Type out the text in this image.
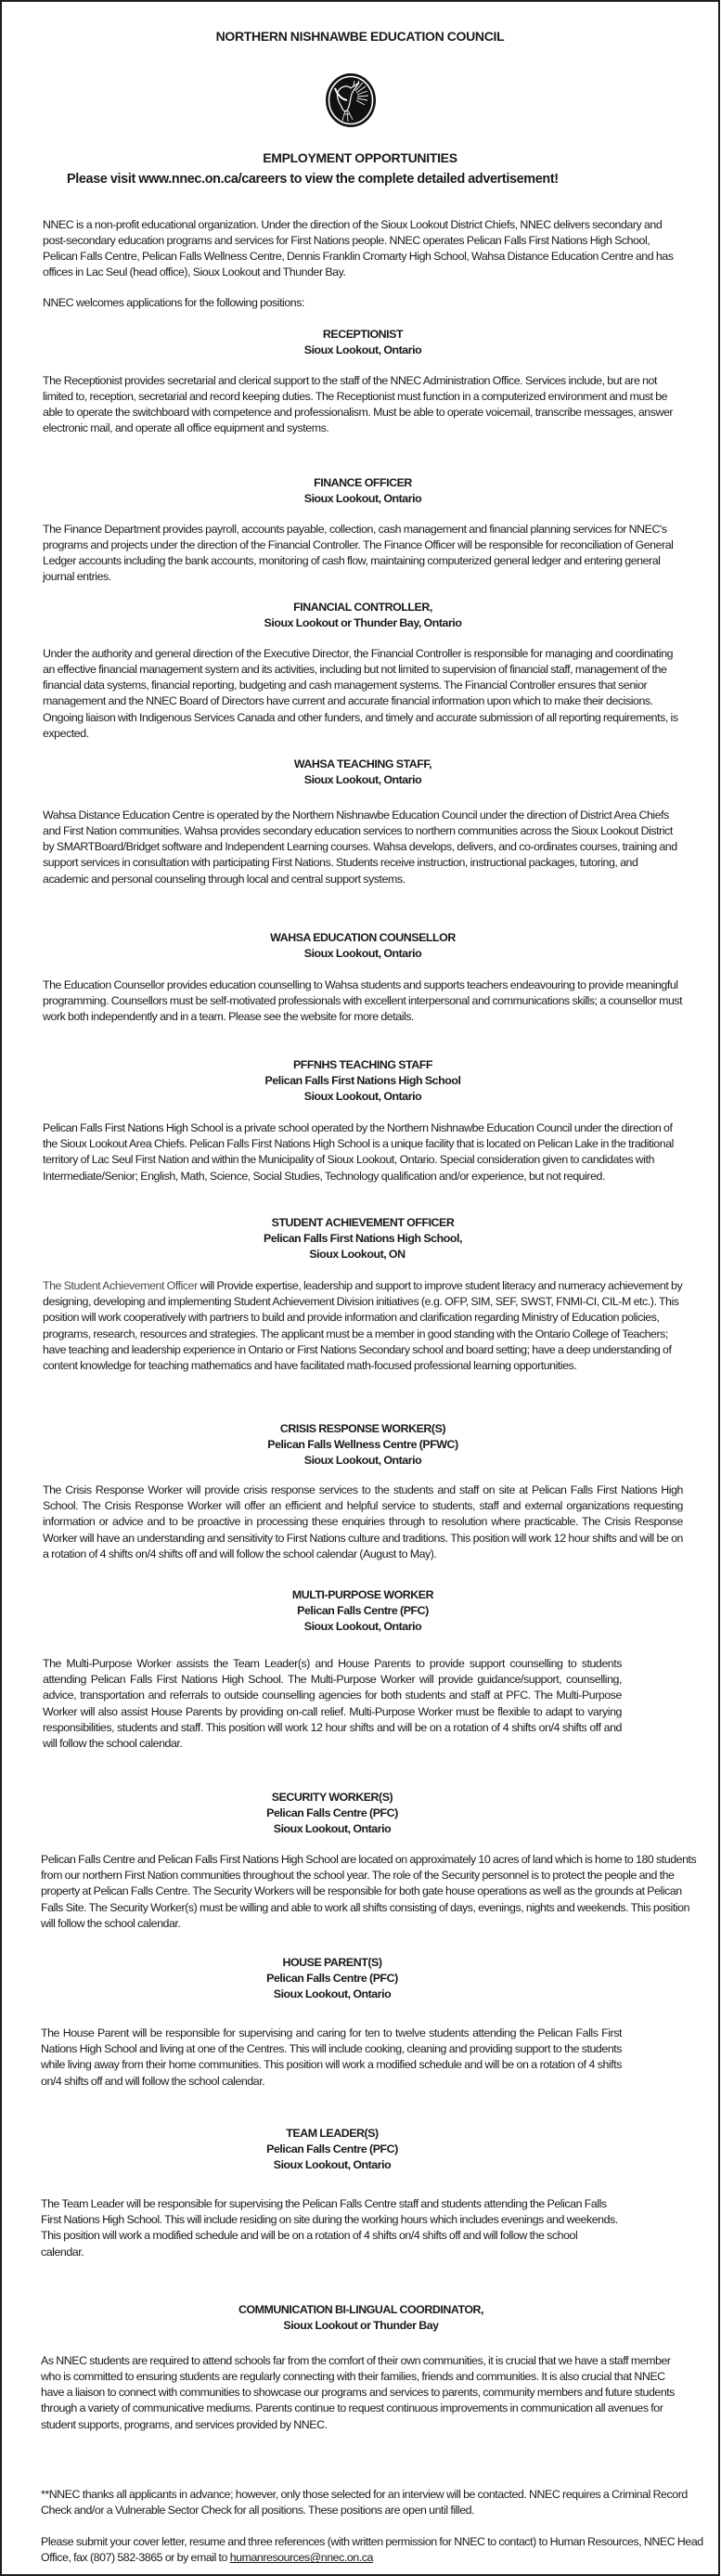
NORTHERN NISHNAWBE EDUCATION COUNCIL
EMPLOYMENT OPPORTUNITIES
Please visit www.nnec.on.ca/careers to view the complete detailed advertisement!

NNEC is a non-profit educational organization. Under the direction of the Sioux Lookout District Chiefs, NNEC delivers secondary and post-secondary education programs and services for First Nations people. NNEC operates Pelican Falls First Nations High School, Pelican Falls Centre, Pelican Falls Wellness Centre, Dennis Franklin Cromarty High School, Wahsa Distance Education Centre and has offices in Lac Seul (head office), Sioux Lookout and Thunder Bay.

NNEC welcomes applications for the following positions:

RECEPTIONIST
Sioux Lookout, Ontario

The Receptionist provides secretarial and clerical support to the staff of the NNEC Administration Office. Services include, but are not limited to, reception, secretarial and record keeping duties. The Receptionist must function in a computerized environment and must be able to operate the switchboard with competence and professionalism. Must be able to operate voicemail, transcribe messages, answer electronic mail, and operate all office equipment and systems.

FINANCE OFFICER
Sioux Lookout, Ontario

The Finance Department provides payroll, accounts payable, collection, cash management and financial planning services for NNEC's programs and projects under the direction of the Financial Controller. The Finance Officer will be responsible for reconciliation of General Ledger accounts including the bank accounts, monitoring of cash flow, maintaining computerized general ledger and entering general journal entries.

FINANCIAL CONTROLLER,
Sioux Lookout or Thunder Bay, Ontario

Under the authority and general direction of the Executive Director, the Financial Controller is responsible for managing and coordinating an effective financial management system and its activities, including but not limited to supervision of financial staff, management of the financial data systems, financial reporting, budgeting and cash management systems. The Financial Controller ensures that senior management and the NNEC Board of Directors have current and accurate financial information upon which to make their decisions. Ongoing liaison with Indigenous Services Canada and other funders, and timely and accurate submission of all reporting requirements, is expected.

WAHSA TEACHING STAFF,
Sioux Lookout, Ontario

Wahsa Distance Education Centre is operated by the Northern Nishnawbe Education Council under the direction of District Area Chiefs and First Nation communities. Wahsa provides secondary education services to northern communities across the Sioux Lookout District by SMARTBoard/Bridget software and Independent Learning courses. Wahsa develops, delivers, and co-ordinates courses, training and support services in consultation with participating First Nations. Students receive instruction, instructional packages, tutoring, and academic and personal counseling through local and central support systems.

WAHSA EDUCATION COUNSELLOR
Sioux Lookout, Ontario

The Education Counsellor provides education counselling to Wahsa students and supports teachers endeavouring to provide meaningful programming. Counsellors must be self-motivated professionals with excellent interpersonal and communications skills; a counsellor must work both independently and in a team. Please see the website for more details.

PFFNHS TEACHING STAFF
Pelican Falls First Nations High School
Sioux Lookout, Ontario

Pelican Falls First Nations High School is a private school operated by the Northern Nishnawbe Education Council under the direction of the Sioux Lookout Area Chiefs. Pelican Falls First Nations High School is a unique facility that is located on Pelican Lake in the traditional territory of Lac Seul First Nation and within the Municipality of Sioux Lookout, Ontario. Special consideration given to candidates with Intermediate/Senior; English, Math, Science, Social Studies, Technology qualification and/or experience, but not required.

STUDENT ACHIEVEMENT OFFICER
Pelican Falls First Nations High School,
Sioux Lookout, ON

The Student Achievement Officer will Provide expertise, leadership and support to improve student literacy and numeracy achievement by designing, developing and implementing Student Achievement Division initiatives (e.g. OFP, SIM, SEF, SWST, FNMI-CI, CIL-M etc.). This position will work cooperatively with partners to build and provide information and clarification regarding Ministry of Education policies, programs, research, resources and strategies. The applicant must be a member in good standing with the Ontario College of Teachers; have teaching and leadership experience in Ontario or First Nations Secondary school and board setting; have a deep understanding of content knowledge for teaching mathematics and have facilitated math-focused professional learning opportunities.

CRISIS RESPONSE WORKER(S)
Pelican Falls Wellness Centre (PFWC)
Sioux Lookout, Ontario

The Crisis Response Worker will provide crisis response services to the students and staff on site at Pelican Falls First Nations High School. The Crisis Response Worker will offer an efficient and helpful service to students, staff and external organizations requesting information or advice and to be proactive in processing these enquiries through to resolution where practicable. The Crisis Response Worker will have an understanding and sensitivity to First Nations culture and traditions. This position will work 12 hour shifts and will be on a rotation of 4 shifts on/4 shifts off and will follow the school calendar (August to May).

MULTI-PURPOSE WORKER
Pelican Falls Centre (PFC)
Sioux Lookout, Ontario

The Multi-Purpose Worker assists the Team Leader(s) and House Parents to provide support counselling to students attending Pelican Falls First Nations High School. The Multi-Purpose Worker will provide guidance/support, counselling, advice, transportation and referrals to outside counselling agencies for both students and staff at PFC. The Multi-Purpose Worker will also assist House Parents by providing on-call relief. Multi-Purpose Worker must be flexible to adapt to varying responsibilities, students and staff. This position will work 12 hour shifts and will be on a rotation of 4 shifts on/4 shifts off and will follow the school calendar.

SECURITY WORKER(S)
Pelican Falls Centre (PFC)
Sioux Lookout, Ontario

Pelican Falls Centre and Pelican Falls First Nations High School are located on approximately 10 acres of land which is home to 180 students from our northern First Nation communities throughout the school year. The role of the Security personnel is to protect the people and the property at Pelican Falls Centre. The Security Workers will be responsible for both gate house operations as well as the grounds at Pelican Falls Site. The Security Worker(s) must be willing and able to work all shifts consisting of days, evenings, nights and weekends. This position will follow the school calendar.

HOUSE PARENT(S)
Pelican Falls Centre (PFC)
Sioux Lookout, Ontario

The House Parent will be responsible for supervising and caring for ten to twelve students attending the Pelican Falls First Nations High School and living at one of the Centres. This will include cooking, cleaning and providing support to the students while living away from their home communities. This position will work a modified schedule and will be on a rotation of 4 shifts on/4 shifts off and will follow the school calendar.

TEAM LEADER(S)
Pelican Falls Centre (PFC)
Sioux Lookout, Ontario

The Team Leader will be responsible for supervising the Pelican Falls Centre staff and students attending the Pelican Falls First Nations High School. This will include residing on site during the working hours which includes evenings and weekends. This position will work a modified schedule and will be on a rotation of 4 shifts on/4 shifts off and will follow the school calendar.

COMMUNICATION BI-LINGUAL COORDINATOR,
Sioux Lookout or Thunder Bay

As NNEC students are required to attend schools far from the comfort of their own communities, it is crucial that we have a staff member who is committed to ensuring students are regularly connecting with their families, friends and communities. It is also crucial that NNEC have a liaison to connect with communities to showcase our programs and services to parents, community members and future students through a variety of communicative mediums. Parents continue to request continuous improvements in communication all avenues for student supports, programs, and services provided by NNEC.

**NNEC thanks all applicants in advance; however, only those selected for an interview will be contacted. NNEC requires a Criminal Record Check and/or a Vulnerable Sector Check for all positions. These positions are open until filled.

Please submit your cover letter, resume and three references (with written permission for NNEC to contact) to Human Resources, NNEC Head Office, fax (807) 582-3865 or by email to humanresources@nnec.on.ca
